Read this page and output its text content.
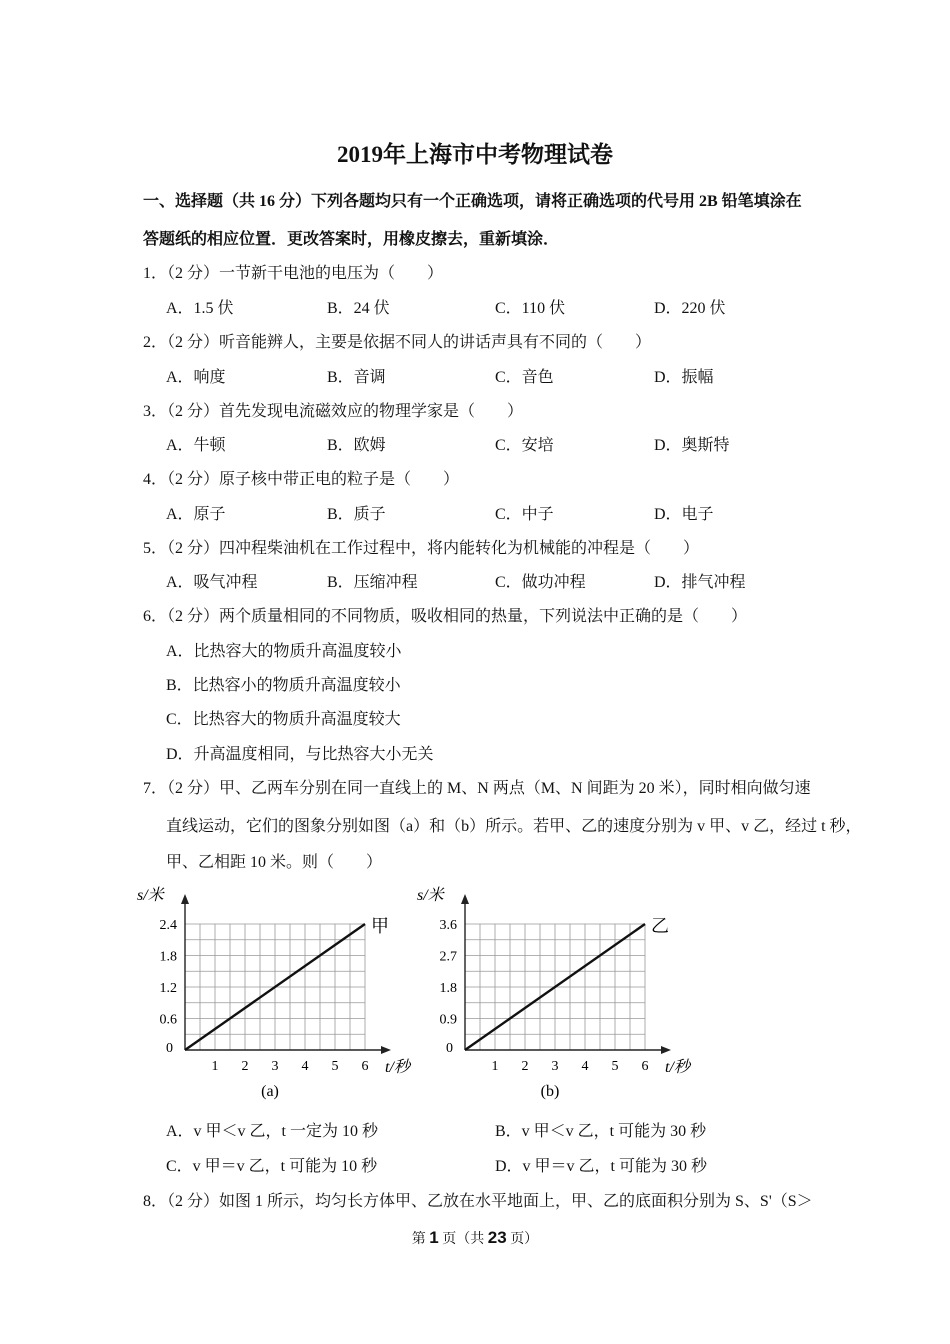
2019年上海市中考物理试卷
一、选择题（共 16 分）下列各题均只有一个正确选项，请将正确选项的代号用 2B 铅笔填涂在
答题纸的相应位置．更改答案时，用橡皮擦去，重新填涂．
1．（2 分）一节新干电池的电压为（　　）
A．1.5 伏	B．24 伏	C．110 伏	D．220 伏
2．（2 分）听音能辨人，主要是依据不同人的讲话声具有不同的（　　）
A．响度	B．音调	C．音色	D．振幅
3．（2 分）首先发现电流磁效应的物理学家是（　　）
A．牛顿	B．欧姆	C．安培	D．奥斯特
4．（2 分）原子核中带正电的粒子是（　　）
A．原子	B．质子	C．中子	D．电子
5．（2 分）四冲程柴油机在工作过程中，将内能转化为机械能的冲程是（　　）
A．吸气冲程	B．压缩冲程	C．做功冲程	D．排气冲程
6．（2 分）两个质量相同的不同物质，吸收相同的热量，下列说法中正确的是（　　）
A．比热容大的物质升高温度较小
B．比热容小的物质升高温度较小
C．比热容大的物质升高温度较大
D．升高温度相同，与比热容大小无关
7．（2 分）甲、乙两车分别在同一直线上的 M、N 两点（M、N 间距为 20 米），同时相向做匀速
直线运动，它们的图象分别如图（a）和（b）所示。若甲、乙的速度分别为 v 甲、v 乙，经过 t 秒，
甲、乙相距 10 米。则（　　）
s/米
t/秒
0.6
1.2
1.8
2.4
0
1 2 3 4 5 6
甲
(a)
s/米
t/秒
0.9
1.8
2.7
3.6
0
1 2 3 4 5 6
乙
(b)
A．v 甲＜v 乙，t 一定为 10 秒	B．v 甲＜v 乙，t 可能为 30 秒
C．v 甲＝v 乙，t 可能为 10 秒	D．v 甲＝v 乙，t 可能为 30 秒
8．（2 分）如图 1 所示，均匀长方体甲、乙放在水平地面上，甲、乙的底面积分别为 S、S'（S＞
第 1 页（共 23 页）
